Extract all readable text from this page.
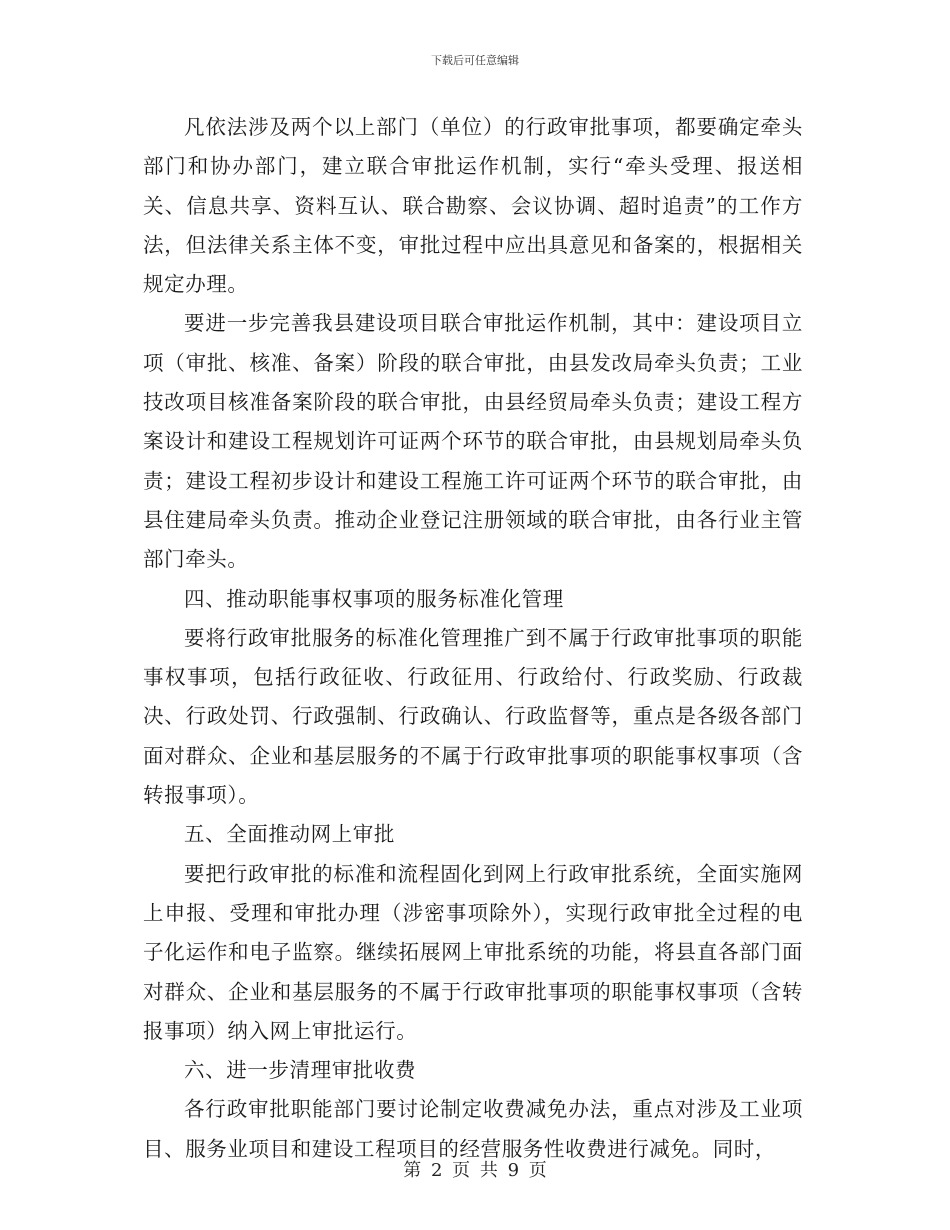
下载后可任意编辑

凡依法涉及两个以上部门（单位）的行政审批事项，都要确定牵头部门和协办部门，建立联合审批运作机制，实行“牵头受理、报送相关、信息共享、资料互认、联合勘察、会议协调、超时追责”的工作方法，但法律关系主体不变，审批过程中应出具意见和备案的，根据相关规定办理。

要进一步完善我县建设项目联合审批运作机制，其中：建设项目立项（审批、核准、备案）阶段的联合审批，由县发改局牵头负责；工业技改项目核准备案阶段的联合审批，由县经贸局牵头负责；建设工程方案设计和建设工程规划许可证两个环节的联合审批，由县规划局牵头负责；建设工程初步设计和建设工程施工许可证两个环节的联合审批，由县住建局牵头负责。推动企业登记注册领域的联合审批，由各行业主管部门牵头。

四、推动职能事权事项的服务标准化管理

要将行政审批服务的标准化管理推广到不属于行政审批事项的职能事权事项，包括行政征收、行政征用、行政给付、行政奖励、行政裁决、行政处罚、行政强制、行政确认、行政监督等，重点是各级各部门面对群众、企业和基层服务的不属于行政审批事项的职能事权事项（含转报事项）。

五、全面推动网上审批

要把行政审批的标准和流程固化到网上行政审批系统，全面实施网上申报、受理和审批办理（涉密事项除外），实现行政审批全过程的电子化运作和电子监察。继续拓展网上审批系统的功能，将县直各部门面对群众、企业和基层服务的不属于行政审批事项的职能事权事项（含转报事项）纳入网上审批运行。

六、进一步清理审批收费

各行政审批职能部门要讨论制定收费减免办法，重点对涉及工业项目、服务业项目和建设工程项目的经营服务性收费进行减免。同时，

第 2 页 共 9 页
